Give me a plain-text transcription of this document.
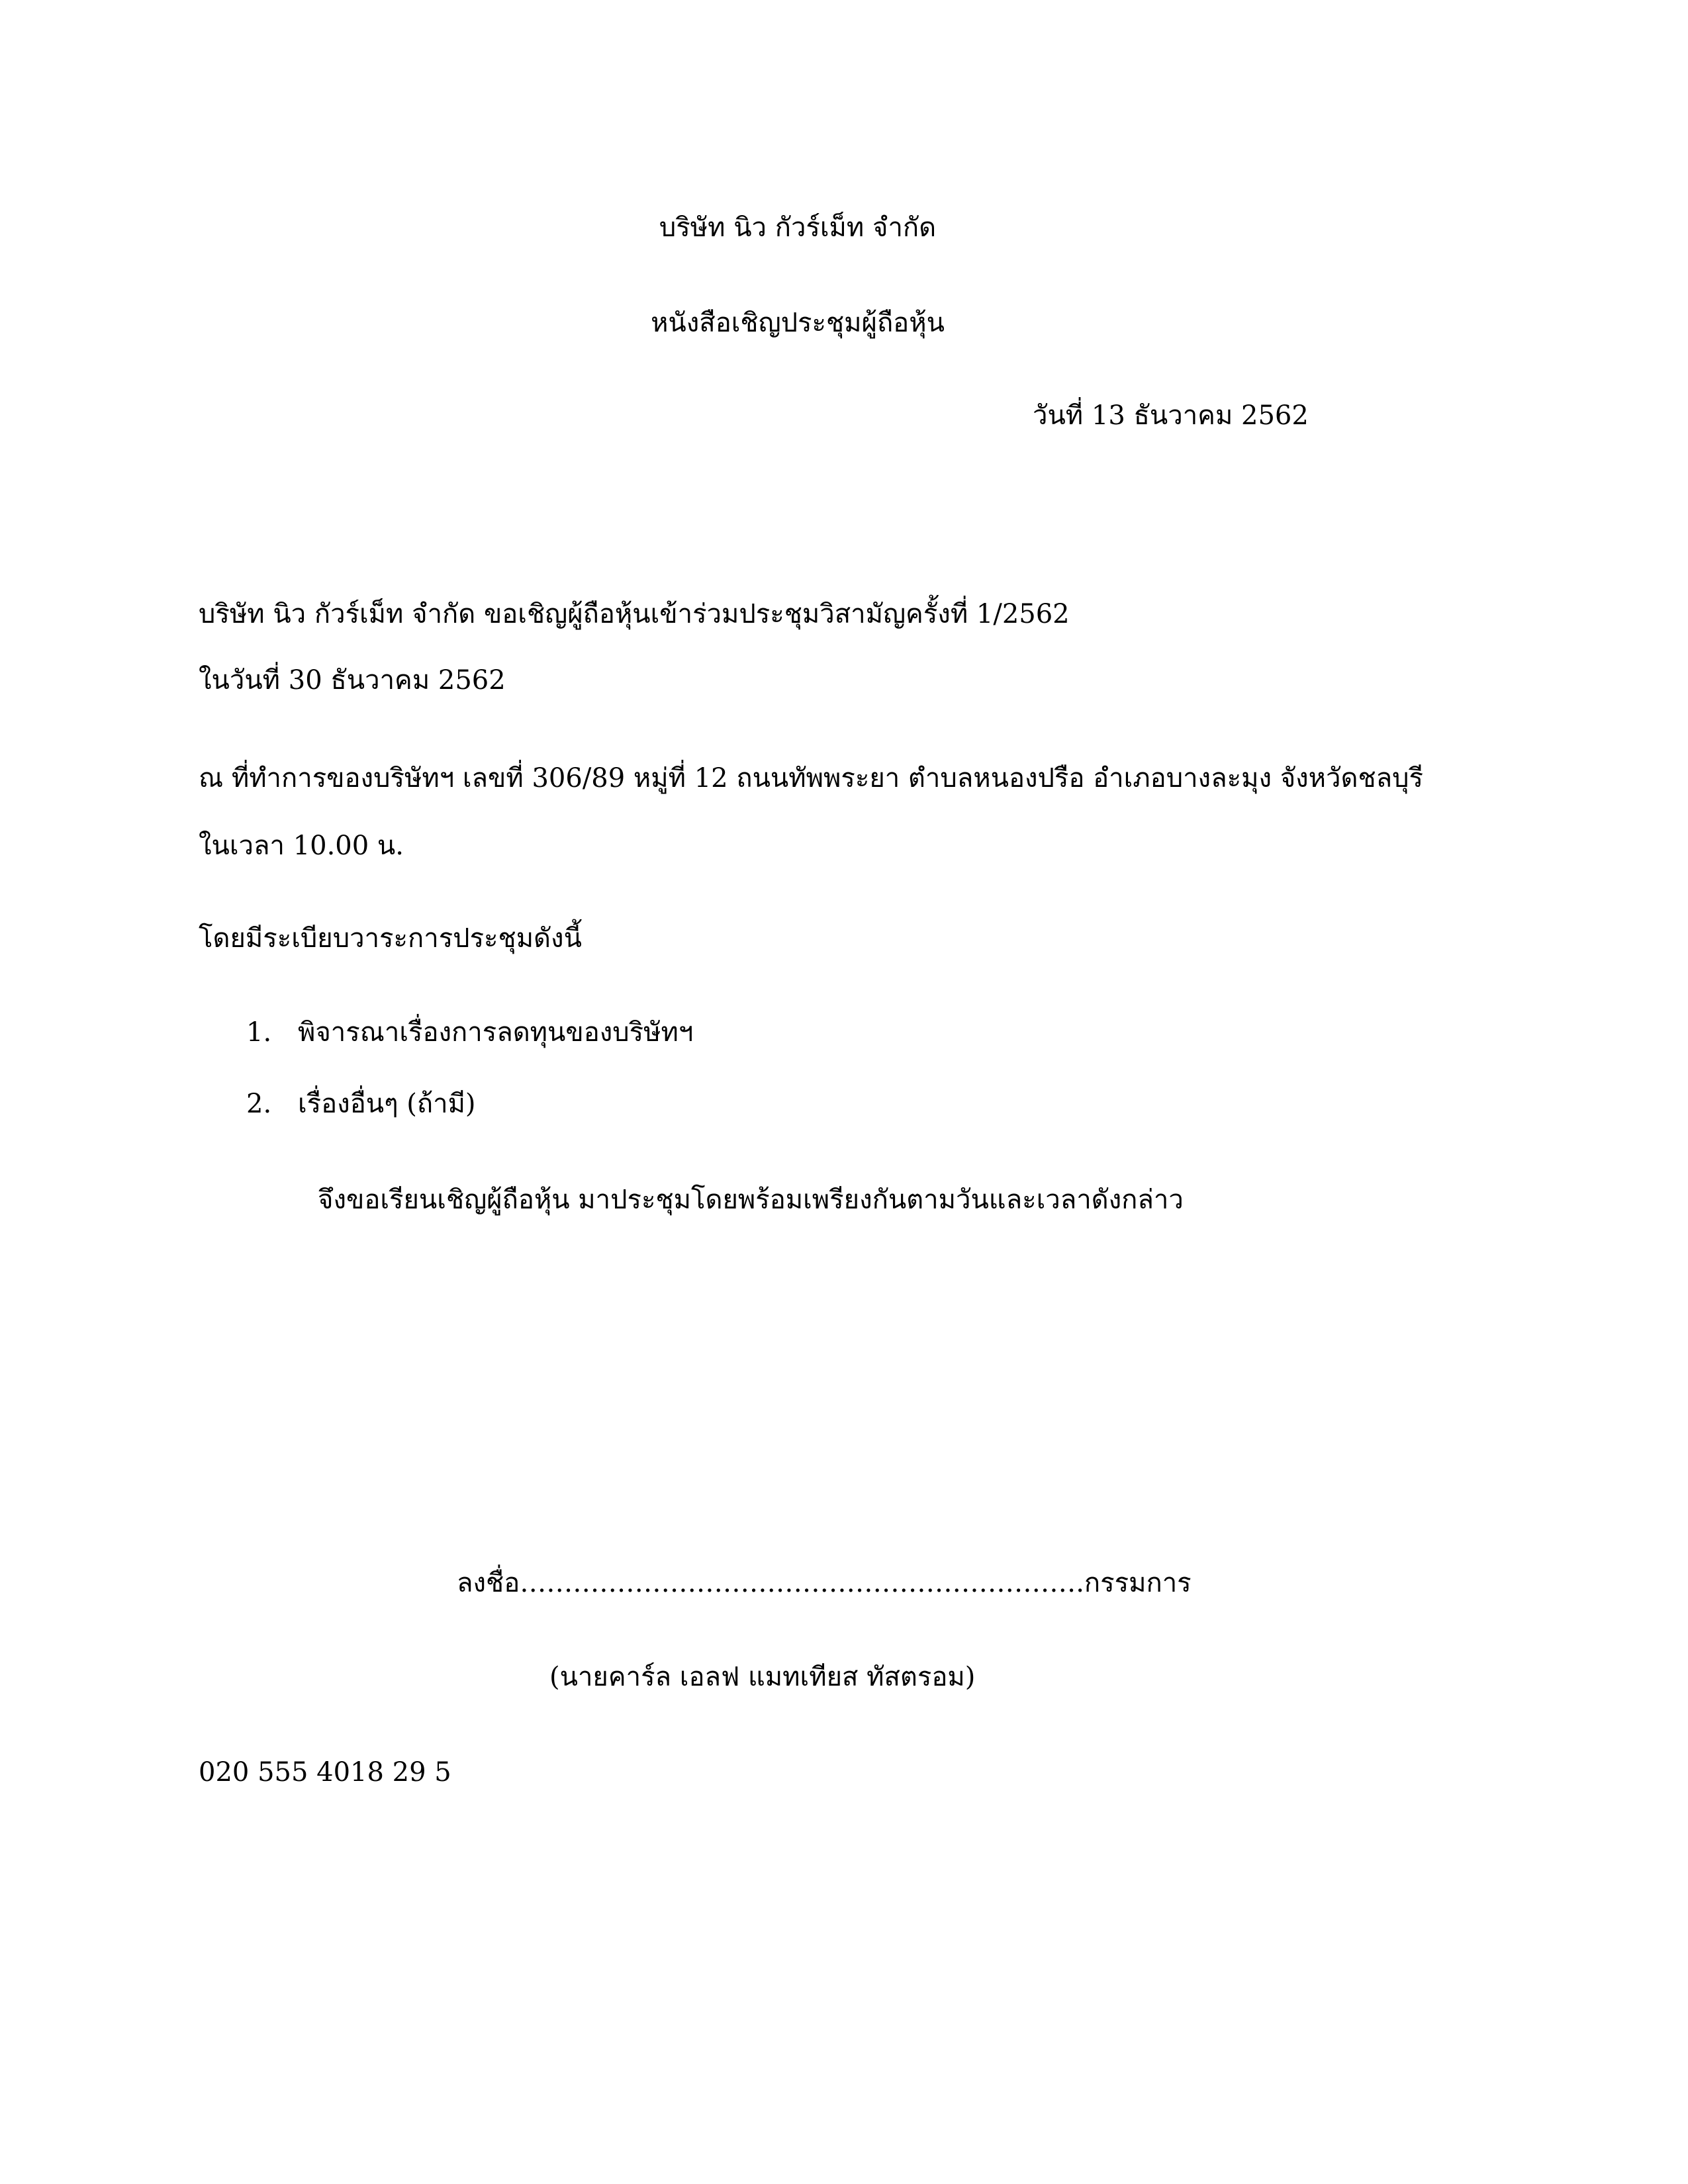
บริษัท นิว กัวร์เม็ท จำกัด
หนังสือเชิญประชุมผู้ถือหุ้น
วันที่ 13 ธันวาคม 2562
บริษัท นิว กัวร์เม็ท จำกัด ขอเชิญผู้ถือหุ้นเข้าร่วมประชุมวิสามัญครั้งที่ 1/2562
ในวันที่ 30 ธันวาคม 2562
ณ ที่ทำการของบริษัทฯ เลขที่ 306/89 หมู่ที่ 12 ถนนทัพพระยา ตำบลหนองปรือ อำเภอบางละมุง จังหวัดชลบุรี
ในเวลา 10.00 น.
โดยมีระเบียบวาระการประชุมดังนี้
1. พิจารณาเรื่องการลดทุนของบริษัทฯ
2. เรื่องอื่นๆ (ถ้ามี)
จึงขอเรียนเชิญผู้ถือหุ้น มาประชุมโดยพร้อมเพรียงกันตามวันและเวลาดังกล่าว
ลงชื่อ……………………………………………………….กรรมการ
(นายคาร์ล เอลฟ แมทเทียส ทัสตรอม)
020 555 4018 29 5
